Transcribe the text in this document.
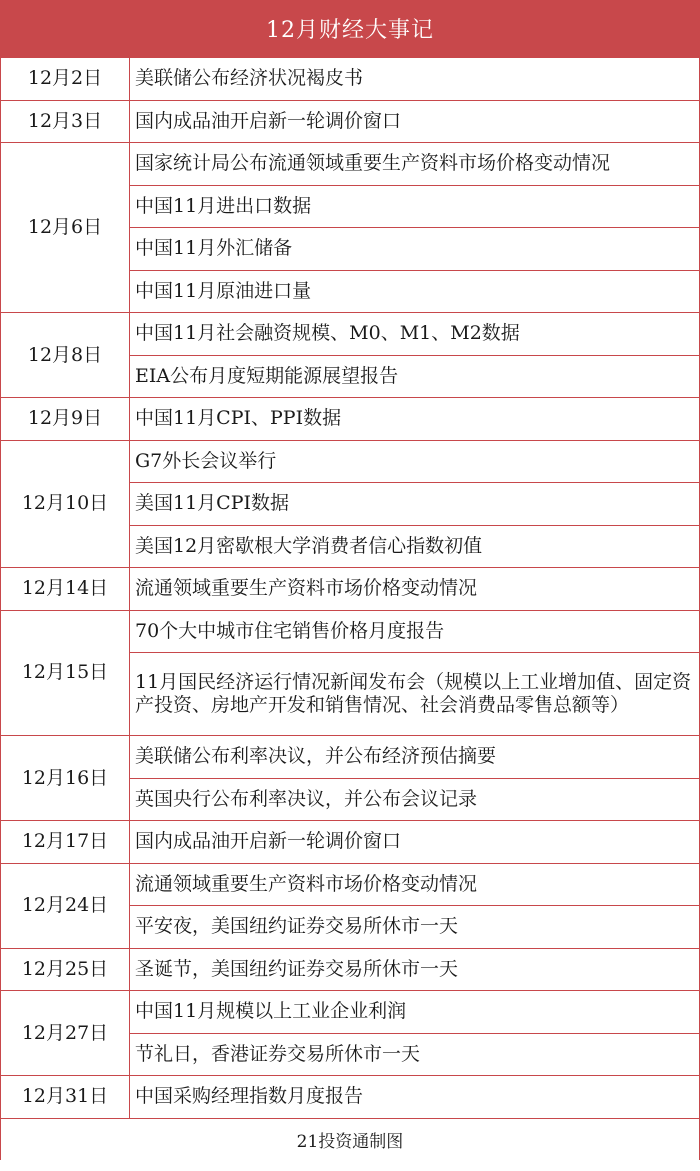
12月财经大事记
12月2日	美联储公布经济状况褐皮书
12月3日	国内成品油开启新一轮调价窗口
12月6日	国家统计局公布流通领域重要生产资料市场价格变动情况
	中国11月进出口数据
	中国11月外汇储备
	中国11月原油进口量
12月8日	中国11月社会融资规模、M0、M1、M2数据
	EIA公布月度短期能源展望报告
12月9日	中国11月CPI、PPI数据
12月10日	G7外长会议举行
	美国11月CPI数据
	美国12月密歇根大学消费者信心指数初值
12月14日	流通领域重要生产资料市场价格变动情况
12月15日	70个大中城市住宅销售价格月度报告
	11月国民经济运行情况新闻发布会（规模以上工业增加值、固定资产投资、房地产开发和销售情况、社会消费品零售总额等）
12月16日	美联储公布利率决议，并公布经济预估摘要
	英国央行公布利率决议，并公布会议记录
12月17日	国内成品油开启新一轮调价窗口
12月24日	流通领域重要生产资料市场价格变动情况
	平安夜，美国纽约证券交易所休市一天
12月25日	圣诞节，美国纽约证券交易所休市一天
12月27日	中国11月规模以上工业企业利润
	节礼日，香港证券交易所休市一天
12月31日	中国采购经理指数月度报告
21投资通制图
